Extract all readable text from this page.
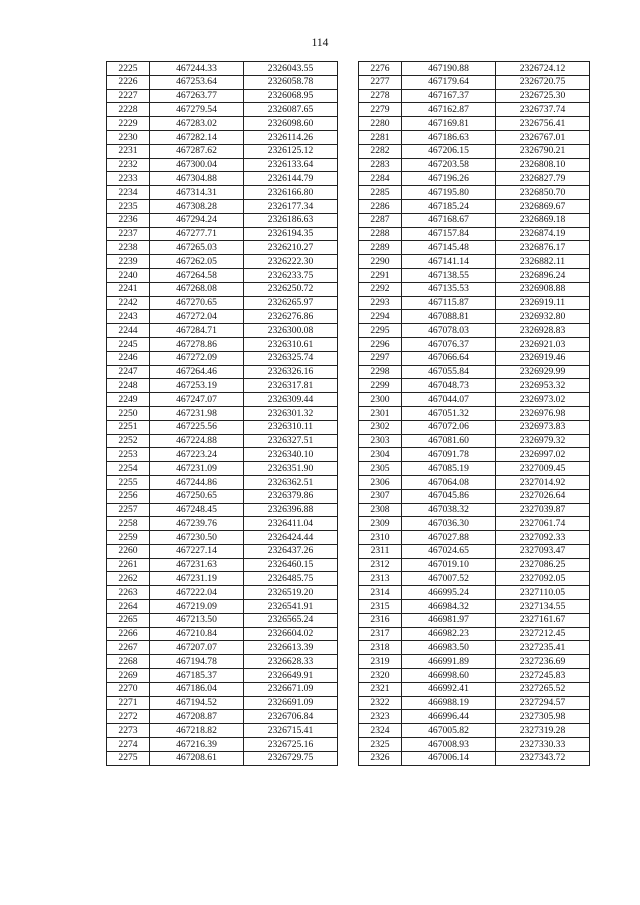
114
2225	467244.33	2326043.55
2226	467253.64	2326058.78
2227	467263.77	2326068.95
2228	467279.54	2326087.65
2229	467283.02	2326098.60
2230	467282.14	2326114.26
2231	467287.62	2326125.12
2232	467300.04	2326133.64
2233	467304.88	2326144.79
2234	467314.31	2326166.80
2235	467308.28	2326177.34
2236	467294.24	2326186.63
2237	467277.71	2326194.35
2238	467265.03	2326210.27
2239	467262.05	2326222.30
2240	467264.58	2326233.75
2241	467268.08	2326250.72
2242	467270.65	2326265.97
2243	467272.04	2326276.86
2244	467284.71	2326300.08
2245	467278.86	2326310.61
2246	467272.09	2326325.74
2247	467264.46	2326326.16
2248	467253.19	2326317.81
2249	467247.07	2326309.44
2250	467231.98	2326301.32
2251	467225.56	2326310.11
2252	467224.88	2326327.51
2253	467223.24	2326340.10
2254	467231.09	2326351.90
2255	467244.86	2326362.51
2256	467250.65	2326379.86
2257	467248.45	2326396.88
2258	467239.76	2326411.04
2259	467230.50	2326424.44
2260	467227.14	2326437.26
2261	467231.63	2326460.15
2262	467231.19	2326485.75
2263	467222.04	2326519.20
2264	467219.09	2326541.91
2265	467213.50	2326565.24
2266	467210.84	2326604.02
2267	467207.07	2326613.39
2268	467194.78	2326628.33
2269	467185.37	2326649.91
2270	467186.04	2326671.09
2271	467194.52	2326691.09
2272	467208.87	2326706.84
2273	467218.82	2326715.41
2274	467216.39	2326725.16
2275	467208.61	2326729.75
2276	467190.88	2326724.12
2277	467179.64	2326720.75
2278	467167.37	2326725.30
2279	467162.87	2326737.74
2280	467169.81	2326756.41
2281	467186.63	2326767.01
2282	467206.15	2326790.21
2283	467203.58	2326808.10
2284	467196.26	2326827.79
2285	467195.80	2326850.70
2286	467185.24	2326869.67
2287	467168.67	2326869.18
2288	467157.84	2326874.19
2289	467145.48	2326876.17
2290	467141.14	2326882.11
2291	467138.55	2326896.24
2292	467135.53	2326908.88
2293	467115.87	2326919.11
2294	467088.81	2326932.80
2295	467078.03	2326928.83
2296	467076.37	2326921.03
2297	467066.64	2326919.46
2298	467055.84	2326929.99
2299	467048.73	2326953.32
2300	467044.07	2326973.02
2301	467051.32	2326976.98
2302	467072.06	2326973.83
2303	467081.60	2326979.32
2304	467091.78	2326997.02
2305	467085.19	2327009.45
2306	467064.08	2327014.92
2307	467045.86	2327026.64
2308	467038.32	2327039.87
2309	467036.30	2327061.74
2310	467027.88	2327092.33
2311	467024.65	2327093.47
2312	467019.10	2327086.25
2313	467007.52	2327092.05
2314	466995.24	2327110.05
2315	466984.32	2327134.55
2316	466981.97	2327161.67
2317	466982.23	2327212.45
2318	466983.50	2327235.41
2319	466991.89	2327236.69
2320	466998.60	2327245.83
2321	466992.41	2327265.52
2322	466988.19	2327294.57
2323	466996.44	2327305.98
2324	467005.82	2327319.28
2325	467008.93	2327330.33
2326	467006.14	2327343.72
